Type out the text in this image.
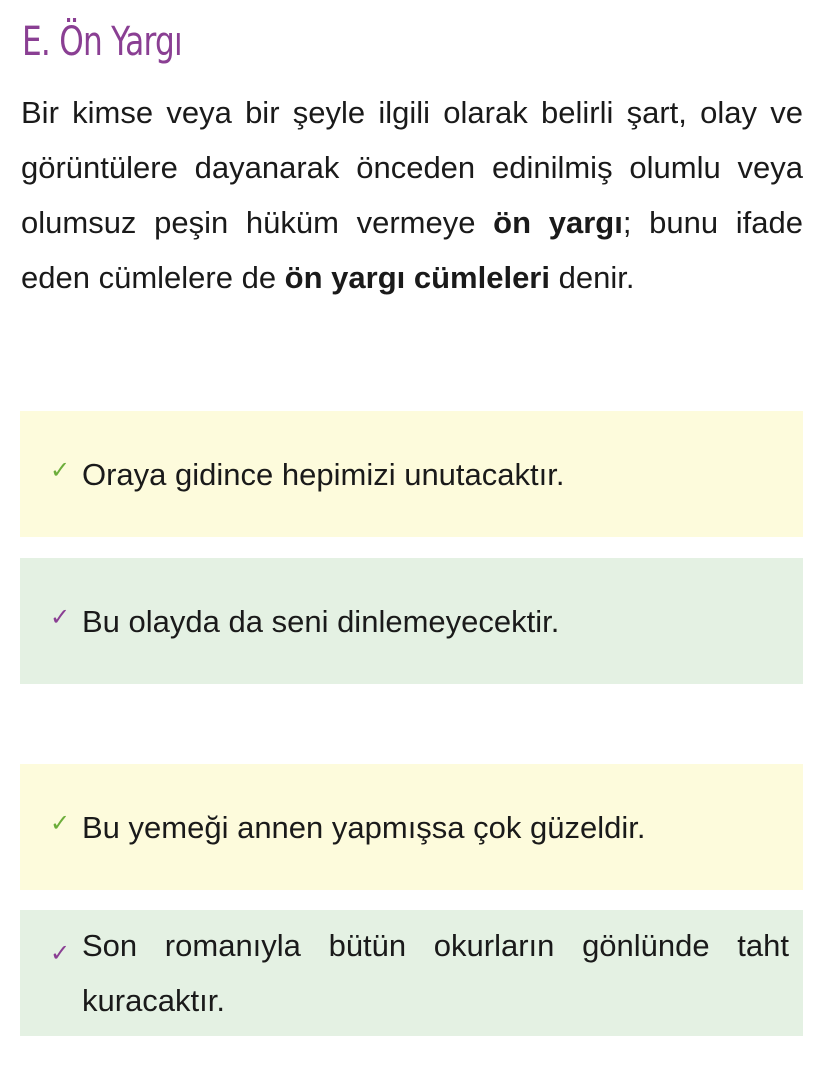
E. Ön Yargı

Bir kimse veya bir şeyle ilgili olarak belirli şart, olay ve görüntülere dayanarak önceden edinilmiş olumlu veya olumsuz peşin hüküm vermeye ön yargı; bunu ifade eden cümlelere de ön yargı cümleleri denir.

✓ Oraya gidince hepimizi unutacaktır.
✓ Bu olayda da seni dinlemeyecektir.
✓ Bu yemeği annen yapmışsa çok güzeldir.
✓ Son romanıyla bütün okurların gönlünde taht kuracaktır.
